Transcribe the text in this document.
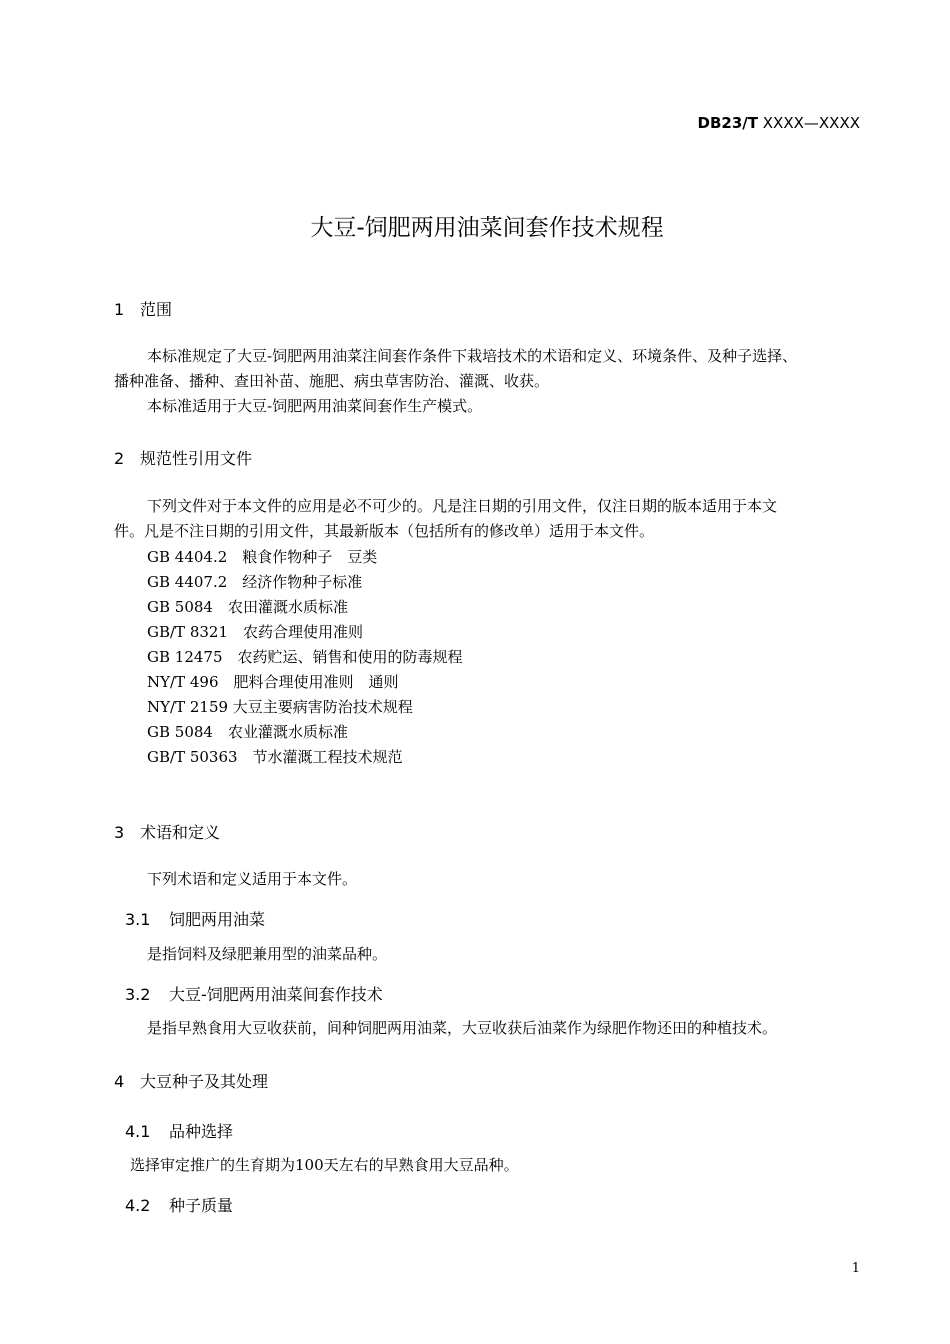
DB23/T XXXX—XXXX
大豆-饲肥两用油菜间套作技术规程
1 范围
本标准规定了大豆-饲肥两用油菜注间套作条件下栽培技术的术语和定义、环境条件、及种子选择、
播种准备、播种、查田补苗、施肥、病虫草害防治、灌溉、收获。
本标准适用于大豆-饲肥两用油菜间套作生产模式。
2 规范性引用文件
下列文件对于本文件的应用是必不可少的。凡是注日期的引用文件，仅注日期的版本适用于本文
件。凡是不注日期的引用文件，其最新版本（包括所有的修改单）适用于本文件。
GB 4404.2　粮食作物种子　豆类
GB 4407.2　经济作物种子标准
GB 5084　农田灌溉水质标准
GB/T 8321　农药合理使用准则
GB 12475　农药贮运、销售和使用的防毒规程
NY/T 496　肥料合理使用准则　通则
NY/T 2159 大豆主要病害防治技术规程
GB 5084　农业灌溉水质标准
GB/T 50363　节水灌溉工程技术规范
3 术语和定义
下列术语和定义适用于本文件。
3.1 饲肥两用油菜
是指饲料及绿肥兼用型的油菜品种。
3.2 大豆-饲肥两用油菜间套作技术
是指早熟食用大豆收获前，间种饲肥两用油菜，大豆收获后油菜作为绿肥作物还田的种植技术。
4 大豆种子及其处理
4.1 品种选择
选择审定推广的生育期为100天左右的早熟食用大豆品种。
4.2 种子质量
1
